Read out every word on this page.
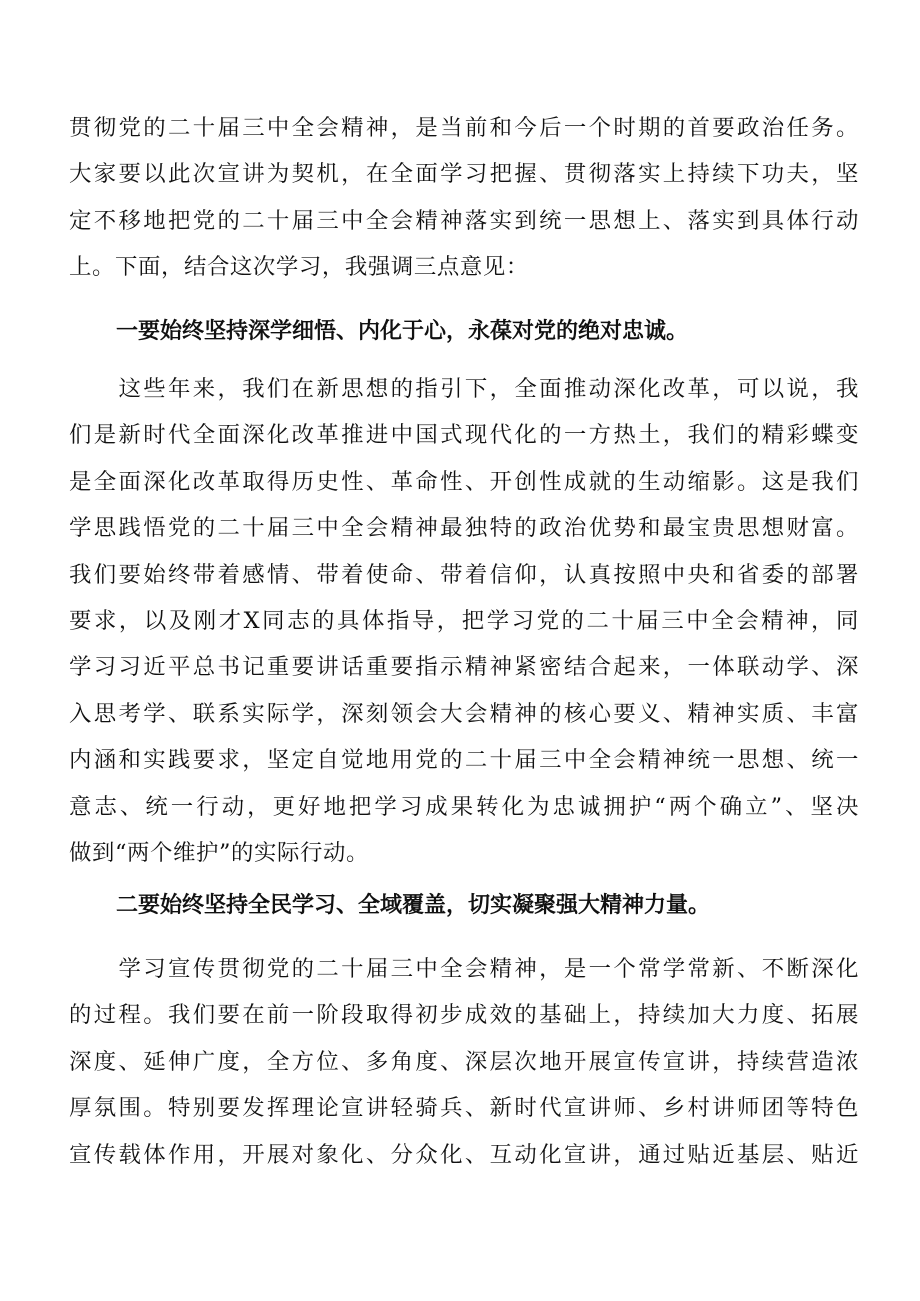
贯彻党的二十届三中全会精神，是当前和今后一个时期的首要政治任务。
大家要以此次宣讲为契机，在全面学习把握、贯彻落实上持续下功夫，坚
定不移地把党的二十届三中全会精神落实到统一思想上、落实到具体行动
上。下面，结合这次学习，我强调三点意见：
一要始终坚持深学细悟、内化于心，永葆对党的绝对忠诚。
　　这些年来，我们在新思想的指引下，全面推动深化改革，可以说，我
们是新时代全面深化改革推进中国式现代化的一方热土，我们的精彩蝶变
是全面深化改革取得历史性、革命性、开创性成就的生动缩影。这是我们
学思践悟党的二十届三中全会精神最独特的政治优势和最宝贵思想财富。
我们要始终带着感情、带着使命、带着信仰，认真按照中央和省委的部署
要求，以及刚才X同志的具体指导，把学习党的二十届三中全会精神，同
学习习近平总书记重要讲话重要指示精神紧密结合起来，一体联动学、深
入思考学、联系实际学，深刻领会大会精神的核心要义、精神实质、丰富
内涵和实践要求，坚定自觉地用党的二十届三中全会精神统一思想、统一
意志、统一行动，更好地把学习成果转化为忠诚拥护“两个确立”、坚决
做到“两个维护”的实际行动。
二要始终坚持全民学习、全域覆盖，切实凝聚强大精神力量。
　　学习宣传贯彻党的二十届三中全会精神，是一个常学常新、不断深化
的过程。我们要在前一阶段取得初步成效的基础上，持续加大力度、拓展
深度、延伸广度，全方位、多角度、深层次地开展宣传宣讲，持续营造浓
厚氛围。特别要发挥理论宣讲轻骑兵、新时代宣讲师、乡村讲师团等特色
宣传载体作用，开展对象化、分众化、互动化宣讲，通过贴近基层、贴近
